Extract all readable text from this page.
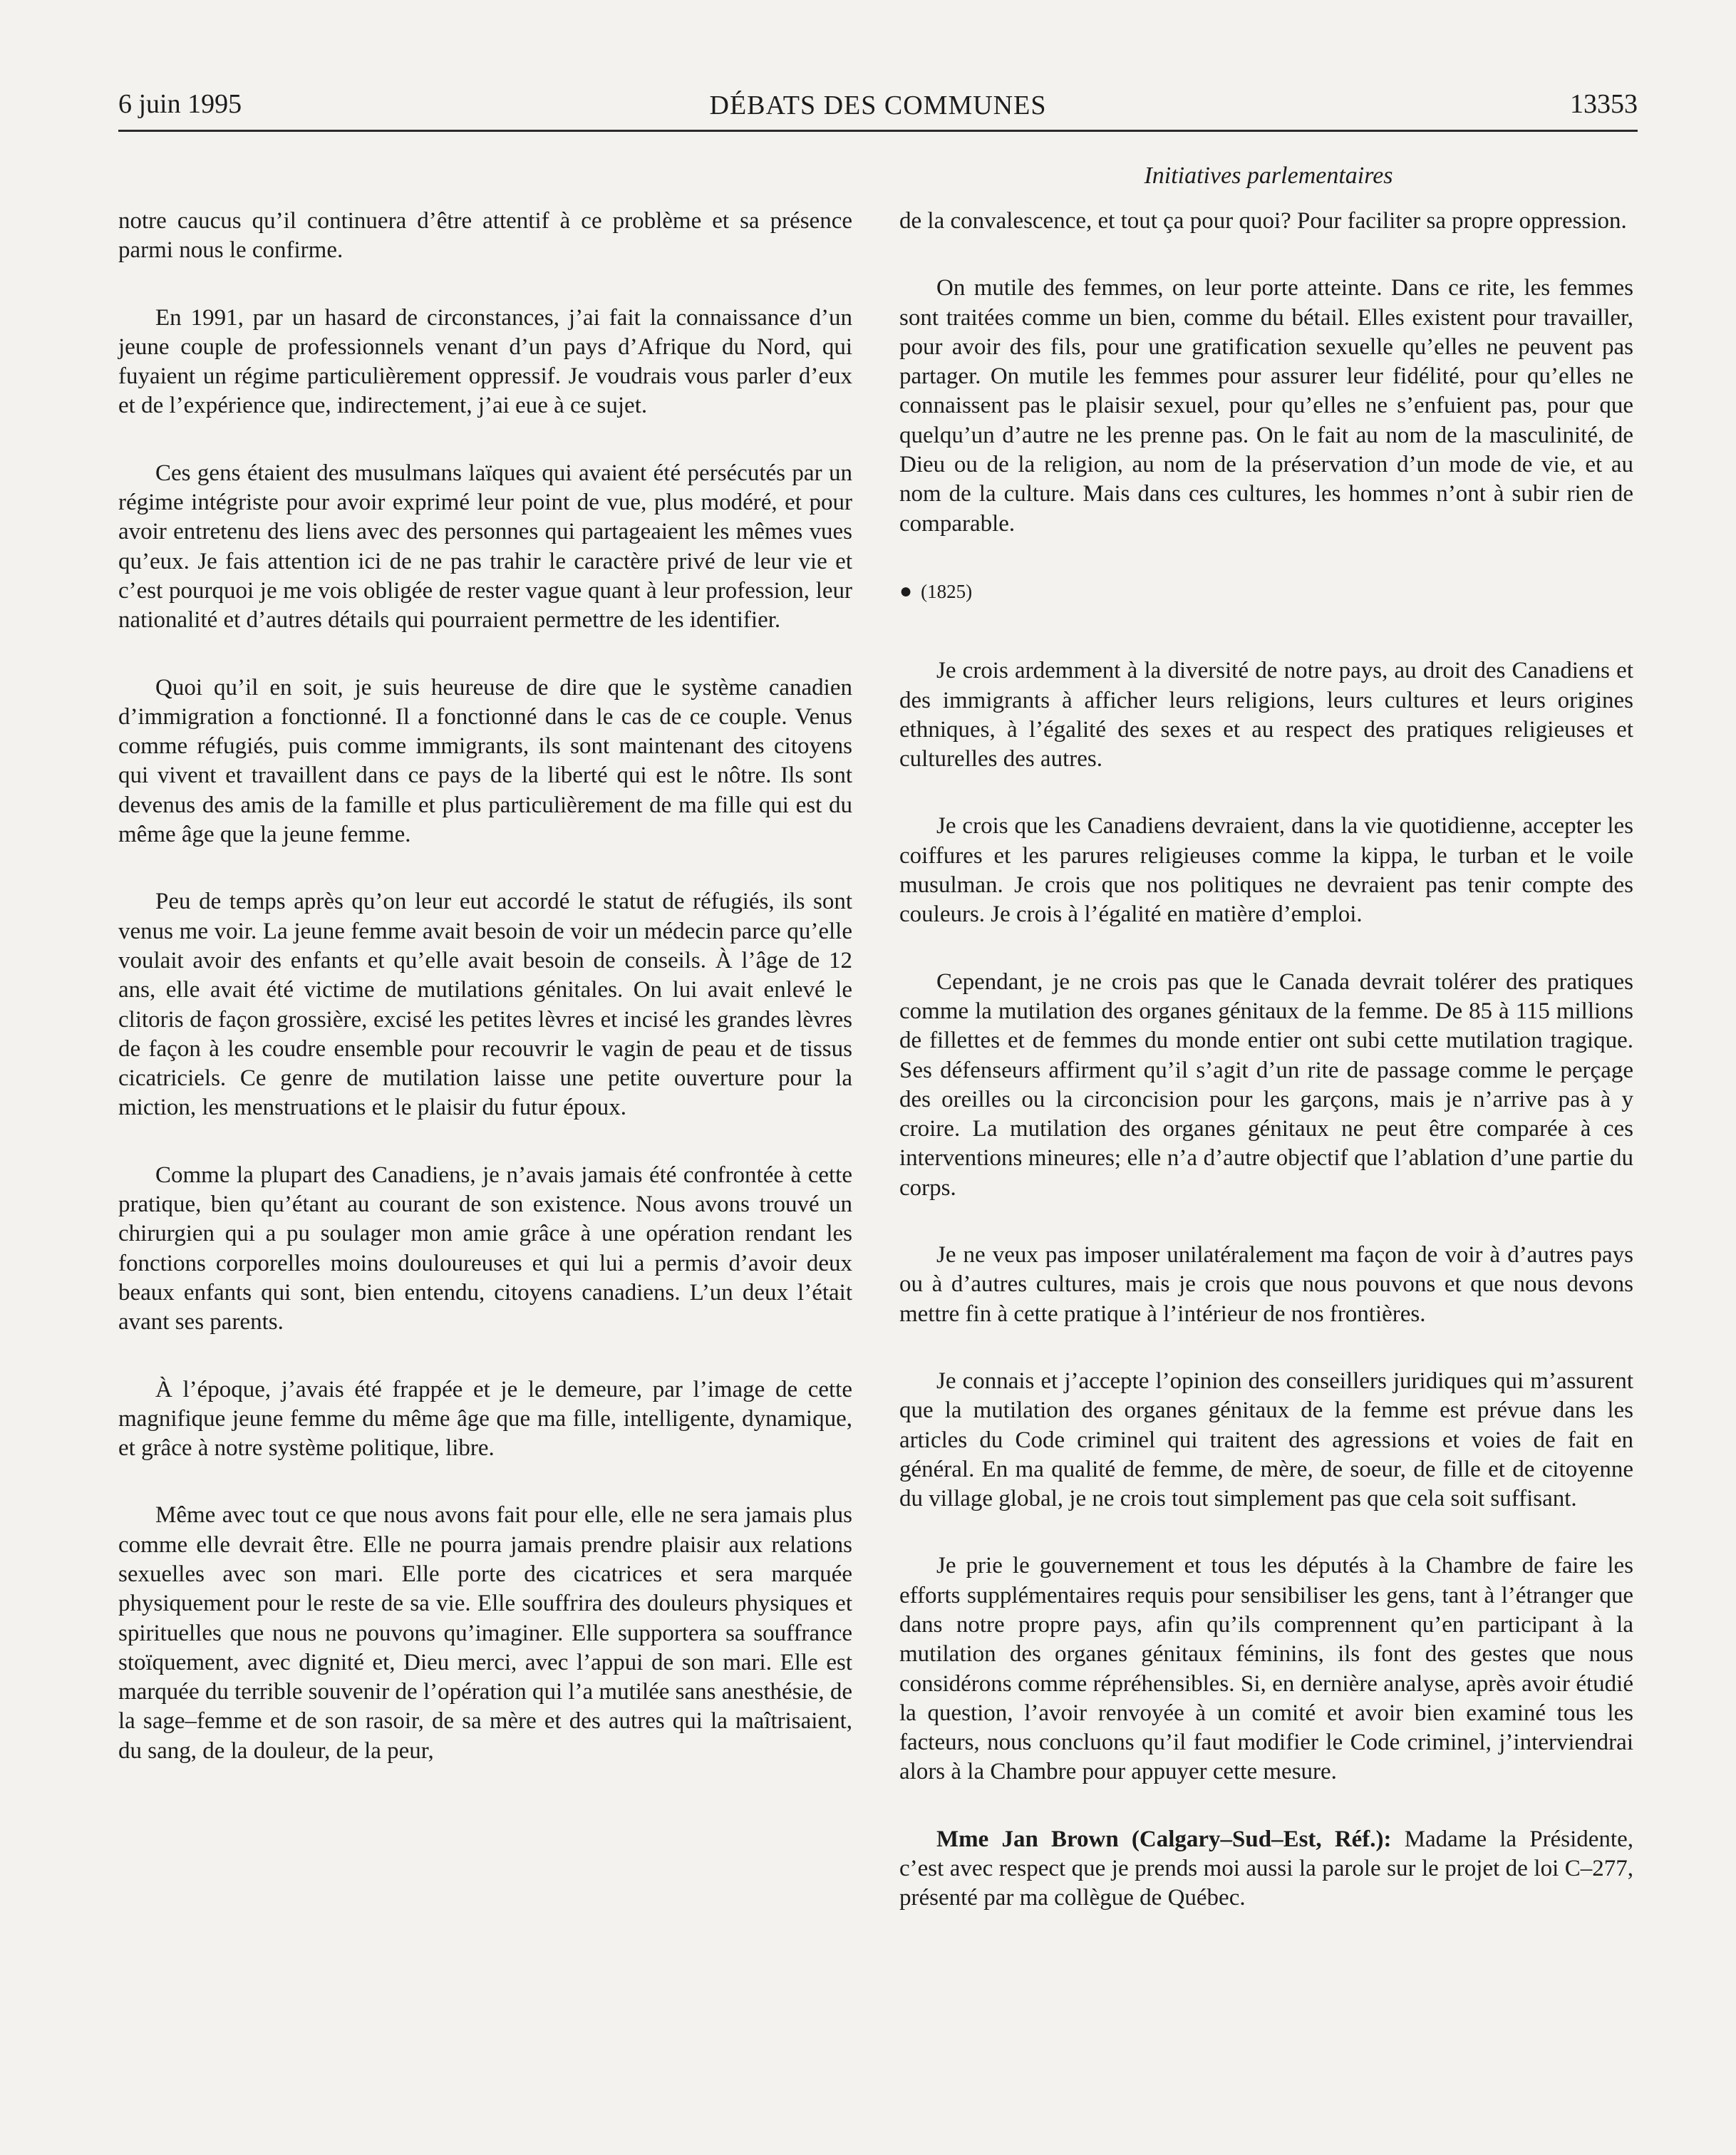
6 juin 1995	DÉBATS DES COMMUNES	13353
Initiatives parlementaires

notre caucus qu’il continuera d’être attentif à ce problème et sa présence parmi nous le confirme.

En 1991, par un hasard de circonstances, j’ai fait la connaissance d’un jeune couple de professionnels venant d’un pays d’Afrique du Nord, qui fuyaient un régime particulièrement oppressif. Je voudrais vous parler d’eux et de l’expérience que, indirectement, j’ai eue à ce sujet.

Ces gens étaient des musulmans laïques qui avaient été persécutés par un régime intégriste pour avoir exprimé leur point de vue, plus modéré, et pour avoir entretenu des liens avec des personnes qui partageaient les mêmes vues qu’eux. Je fais attention ici de ne pas trahir le caractère privé de leur vie et c’est pourquoi je me vois obligée de rester vague quant à leur profession, leur nationalité et d’autres détails qui pourraient permettre de les identifier.

Quoi qu’il en soit, je suis heureuse de dire que le système canadien d’immigration a fonctionné. Il a fonctionné dans le cas de ce couple. Venus comme réfugiés, puis comme immigrants, ils sont maintenant des citoyens qui vivent et travaillent dans ce pays de la liberté qui est le nôtre. Ils sont devenus des amis de la famille et plus particulièrement de ma fille qui est du même âge que la jeune femme.

Peu de temps après qu’on leur eut accordé le statut de réfugiés, ils sont venus me voir. La jeune femme avait besoin de voir un médecin parce qu’elle voulait avoir des enfants et qu’elle avait besoin de conseils. À l’âge de 12 ans, elle avait été victime de mutilations génitales. On lui avait enlevé le clitoris de façon grossière, excisé les petites lèvres et incisé les grandes lèvres de façon à les coudre ensemble pour recouvrir le vagin de peau et de tissus cicatriciels. Ce genre de mutilation laisse une petite ouverture pour la miction, les menstruations et le plaisir du futur époux.

Comme la plupart des Canadiens, je n’avais jamais été confrontée à cette pratique, bien qu’étant au courant de son existence. Nous avons trouvé un chirurgien qui a pu soulager mon amie grâce à une opération rendant les fonctions corporelles moins douloureuses et qui lui a permis d’avoir deux beaux enfants qui sont, bien entendu, citoyens canadiens. L’un deux l’était avant ses parents.

À l’époque, j’avais été frappée et je le demeure, par l’image de cette magnifique jeune femme du même âge que ma fille, intelligente, dynamique, et grâce à notre système politique, libre.

Même avec tout ce que nous avons fait pour elle, elle ne sera jamais plus comme elle devrait être. Elle ne pourra jamais prendre plaisir aux relations sexuelles avec son mari. Elle porte des cicatrices et sera marquée physiquement pour le reste de sa vie. Elle souffrira des douleurs physiques et spirituelles que nous ne pouvons qu’imaginer. Elle supportera sa souffrance stoïquement, avec dignité et, Dieu merci, avec l’appui de son mari. Elle est marquée du terrible souvenir de l’opération qui l’a mutilée sans anesthésie, de la sage–femme et de son rasoir, de sa mère et des autres qui la maîtrisaient, du sang, de la douleur, de la peur,

de la convalescence, et tout ça pour quoi? Pour faciliter sa propre oppression.

On mutile des femmes, on leur porte atteinte. Dans ce rite, les femmes sont traitées comme un bien, comme du bétail. Elles existent pour travailler, pour avoir des fils, pour une gratification sexuelle qu’elles ne peuvent pas partager. On mutile les femmes pour assurer leur fidélité, pour qu’elles ne connaissent pas le plaisir sexuel, pour qu’elles ne s’enfuient pas, pour que quelqu’un d’autre ne les prenne pas. On le fait au nom de la masculinité, de Dieu ou de la religion, au nom de la préservation d’un mode de vie, et au nom de la culture. Mais dans ces cultures, les hommes n’ont à subir rien de comparable.

● (1825)

Je crois ardemment à la diversité de notre pays, au droit des Canadiens et des immigrants à afficher leurs religions, leurs cultures et leurs origines ethniques, à l’égalité des sexes et au respect des pratiques religieuses et culturelles des autres.

Je crois que les Canadiens devraient, dans la vie quotidienne, accepter les coiffures et les parures religieuses comme la kippa, le turban et le voile musulman. Je crois que nos politiques ne devraient pas tenir compte des couleurs. Je crois à l’égalité en matière d’emploi.

Cependant, je ne crois pas que le Canada devrait tolérer des pratiques comme la mutilation des organes génitaux de la femme. De 85 à 115 millions de fillettes et de femmes du monde entier ont subi cette mutilation tragique. Ses défenseurs affirment qu’il s’agit d’un rite de passage comme le perçage des oreilles ou la circoncision pour les garçons, mais je n’arrive pas à y croire. La mutilation des organes génitaux ne peut être comparée à ces interventions mineures; elle n’a d’autre objectif que l’ablation d’une partie du corps.

Je ne veux pas imposer unilatéralement ma façon de voir à d’autres pays ou à d’autres cultures, mais je crois que nous pouvons et que nous devons mettre fin à cette pratique à l’intérieur de nos frontières.

Je connais et j’accepte l’opinion des conseillers juridiques qui m’assurent que la mutilation des organes génitaux de la femme est prévue dans les articles du Code criminel qui traitent des agressions et voies de fait en général. En ma qualité de femme, de mère, de soeur, de fille et de citoyenne du village global, je ne crois tout simplement pas que cela soit suffisant.

Je prie le gouvernement et tous les députés à la Chambre de faire les efforts supplémentaires requis pour sensibiliser les gens, tant à l’étranger que dans notre propre pays, afin qu’ils comprennent qu’en participant à la mutilation des organes génitaux féminins, ils font des gestes que nous considérons comme répréhensibles. Si, en dernière analyse, après avoir étudié la question, l’avoir renvoyée à un comité et avoir bien examiné tous les facteurs, nous concluons qu’il faut modifier le Code criminel, j’interviendrai alors à la Chambre pour appuyer cette mesure.

Mme Jan Brown (Calgary–Sud–Est, Réf.): Madame la Présidente, c’est avec respect que je prends moi aussi la parole sur le projet de loi C–277, présenté par ma collègue de Québec.
